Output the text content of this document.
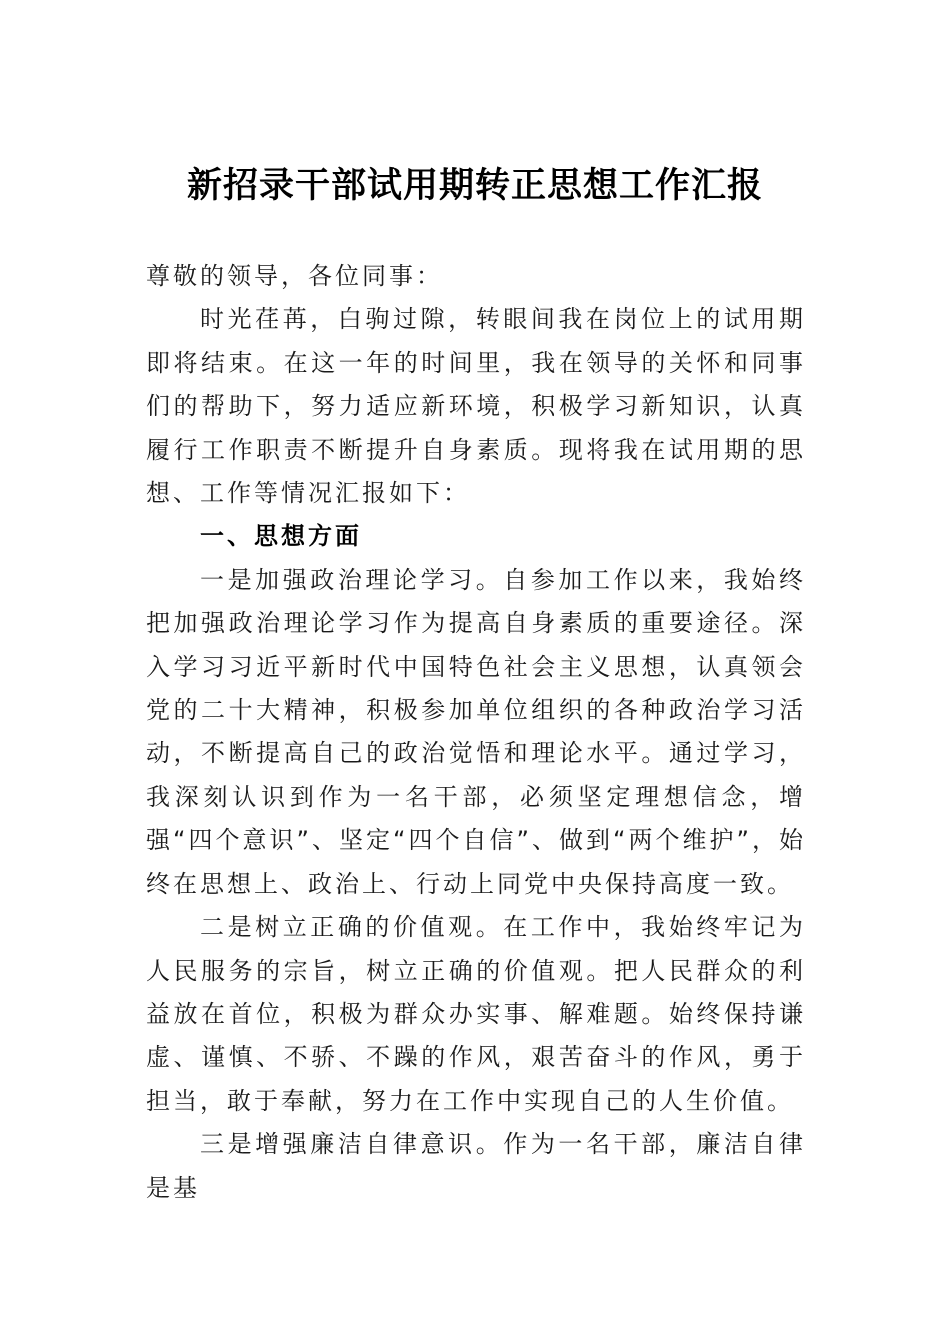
新招录干部试用期转正思想工作汇报

尊敬的领导，各位同事：

时光荏苒，白驹过隙，转眼间我在岗位上的试用期即将结束。在这一年的时间里，我在领导的关怀和同事们的帮助下，努力适应新环境，积极学习新知识，认真履行工作职责不断提升自身素质。现将我在试用期的思想、工作等情况汇报如下：

一、思想方面

一是加强政治理论学习。自参加工作以来，我始终把加强政治理论学习作为提高自身素质的重要途径。深入学习习近平新时代中国特色社会主义思想，认真领会党的二十大精神，积极参加单位组织的各种政治学习活动，不断提高自己的政治觉悟和理论水平。通过学习，我深刻认识到作为一名干部，必须坚定理想信念，增强“四个意识”、坚定“四个自信”、做到“两个维护”，始终在思想上、政治上、行动上同党中央保持高度一致。

二是树立正确的价值观。在工作中，我始终牢记为人民服务的宗旨，树立正确的价值观。把人民群众的利益放在首位，积极为群众办实事、解难题。始终保持谦虚、谨慎、不骄、不躁的作风，艰苦奋斗的作风，勇于担当，敢于奉献，努力在工作中实现自己的人生价值。

三是增强廉洁自律意识。作为一名干部，廉洁自律是基
